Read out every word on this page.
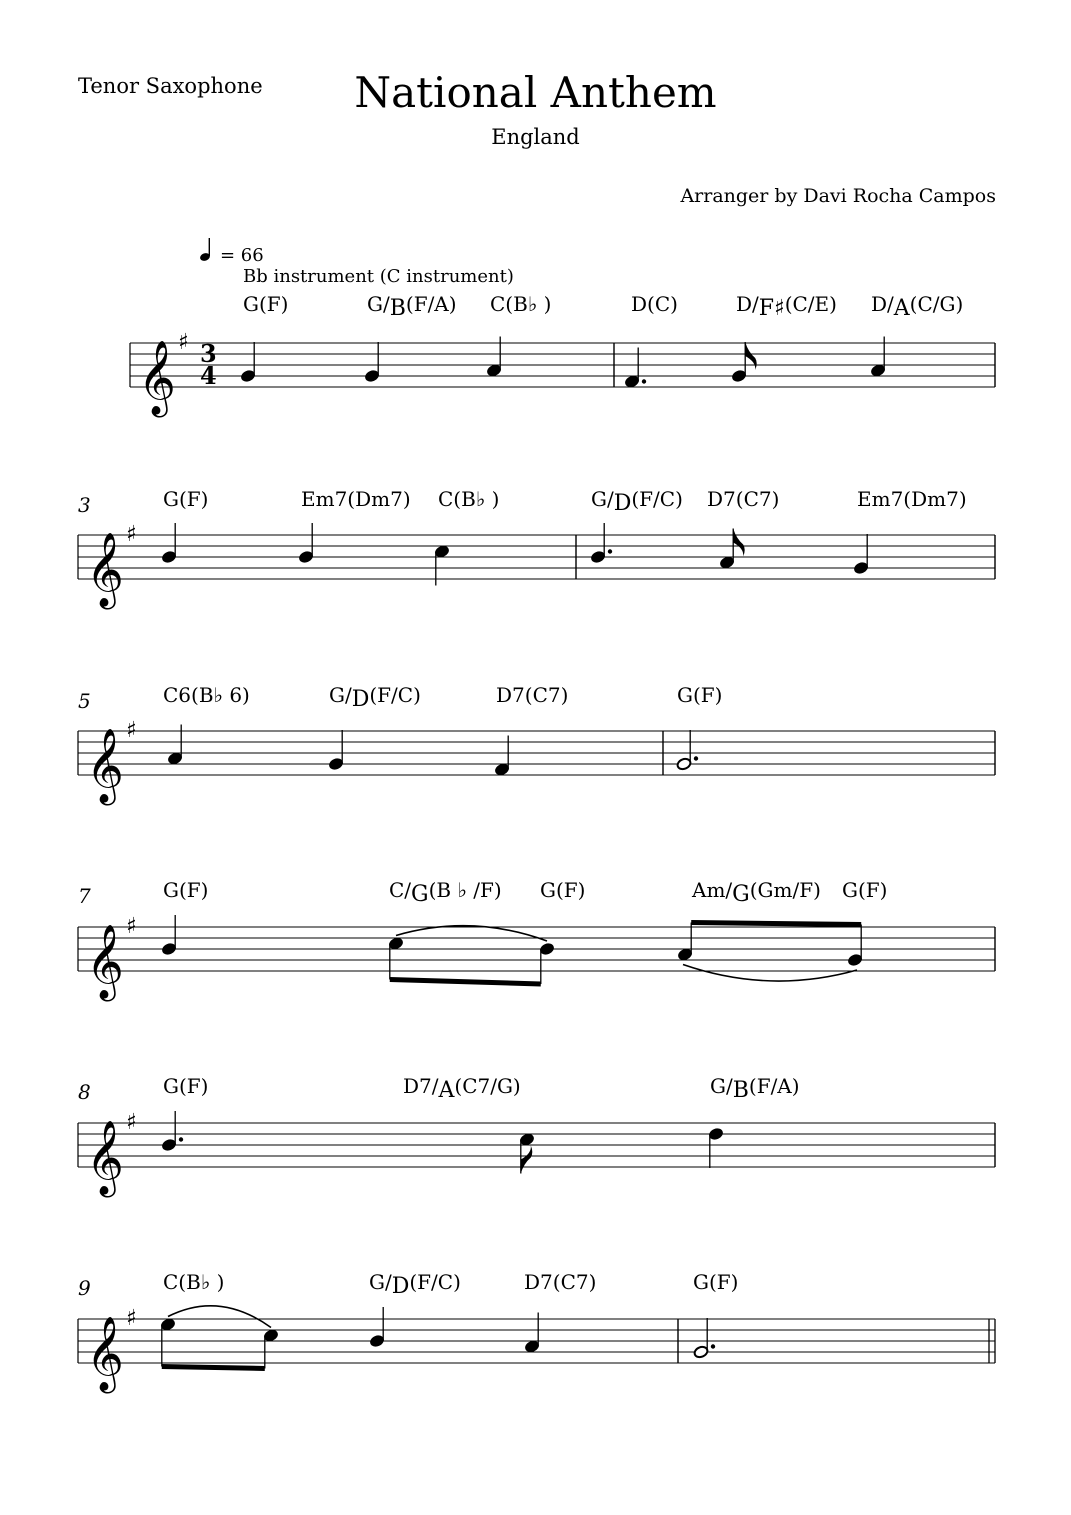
Tenor Saxophone	National Anthem
England
Arranger by Davi Rocha Campos
= 66
Bb instrument (C instrument)
G(F)	G/B(F/A) C(B♭ )	D(C)	D/F♯(C/E) D/A(C/G)
G(F)	Em7(Dm7) C(B♭ )	G/D(F/C) D7(C7)	Em7(Dm7)
C6(B♭ 6)	G/D(F/C)	D7(C7)	G(F)
G(F)	C/G(B ♭ /F) G(F)	Am/G(Gm/F) G(F)
G(F)	D7/A(C7/G)	G/B(F/A)
C(B♭ )	G/D(F/C)	D7(C7)	G(F)
3
5
7
8
9
𝄞 ♯ 3
4
𝄞 ♯
𝄞 ♯
𝄞 ♯
𝄞 ♯
𝄞 ♯
